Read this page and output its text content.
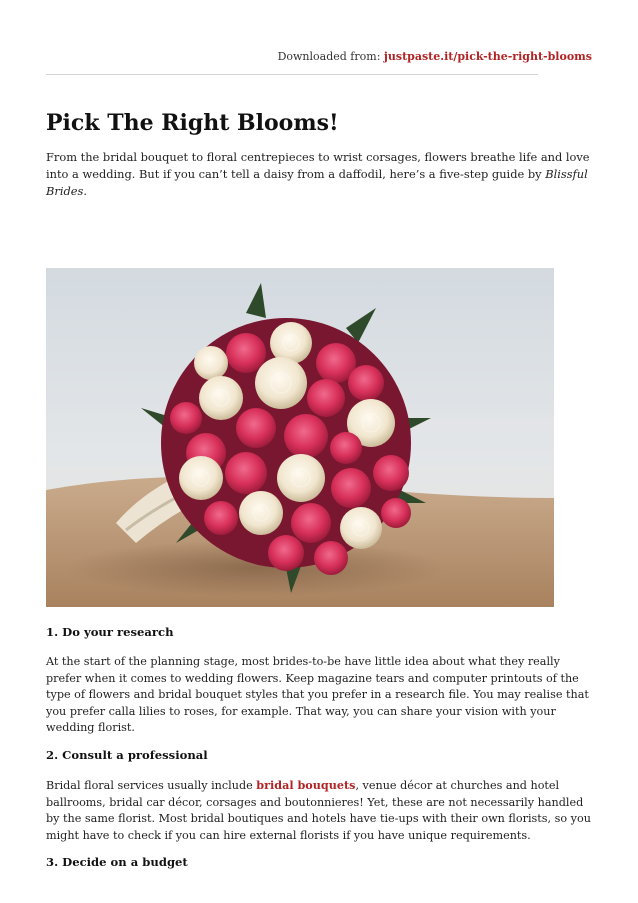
Downloaded from: justpaste.it/pick-the-right-blooms
Pick The Right Blooms!

From the bridal bouquet to floral centrepieces to wrist corsages, flowers breathe life and love into a wedding. But if you can’t tell a daisy from a daffodil, here’s a five-step guide by Blissful Brides.

1. Do your research

At the start of the planning stage, most brides-to-be have little idea about what they really prefer when it comes to wedding flowers. Keep magazine tears and computer printouts of the type of flowers and bridal bouquet styles that you prefer in a research file. You may realise that you prefer calla lilies to roses, for example. That way, you can share your vision with your wedding florist.

2. Consult a professional

Bridal floral services usually include bridal bouquets, venue décor at churches and hotel ballrooms, bridal car décor, corsages and boutonnieres! Yet, these are not necessarily handled by the same florist. Most bridal boutiques and hotels have tie-ups with their own florists, so you might have to check if you can hire external florists if you have unique requirements.

3. Decide on a budget
